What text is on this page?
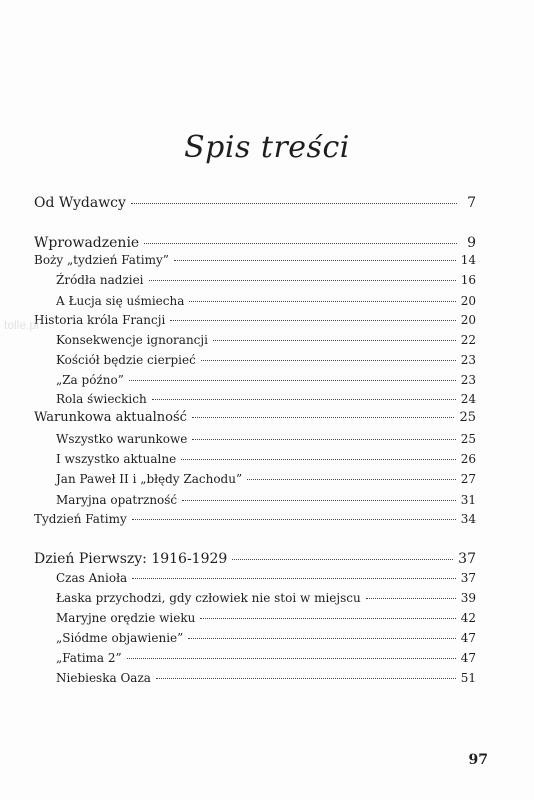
Spis treści
Od Wydawcy	7
Wprowadzenie	9
Boży „tydzień Fatimy”	14
Źródła nadziei	16
A Łucja się uśmiecha	20
Historia króla Francji	20
Konsekwencje ignorancji	22
Kościół będzie cierpieć	23
„Za późno”	23
Rola świeckich	24
Warunkowa aktualność	25
Wszystko warunkowe	25
I wszystko aktualne	26
Jan Paweł II i „błędy Zachodu”	27
Maryjna opatrzność	31
Tydzień Fatimy	34
Dzień Pierwszy: 1916-1929	37
Czas Anioła	37
Łaska przychodzi, gdy człowiek nie stoi w miejscu	39
Maryjne orędzie wieku	42
„Siódme objawienie”	47
„Fatima 2”	47
Niebieska Oaza	51
tolle.pl
97
